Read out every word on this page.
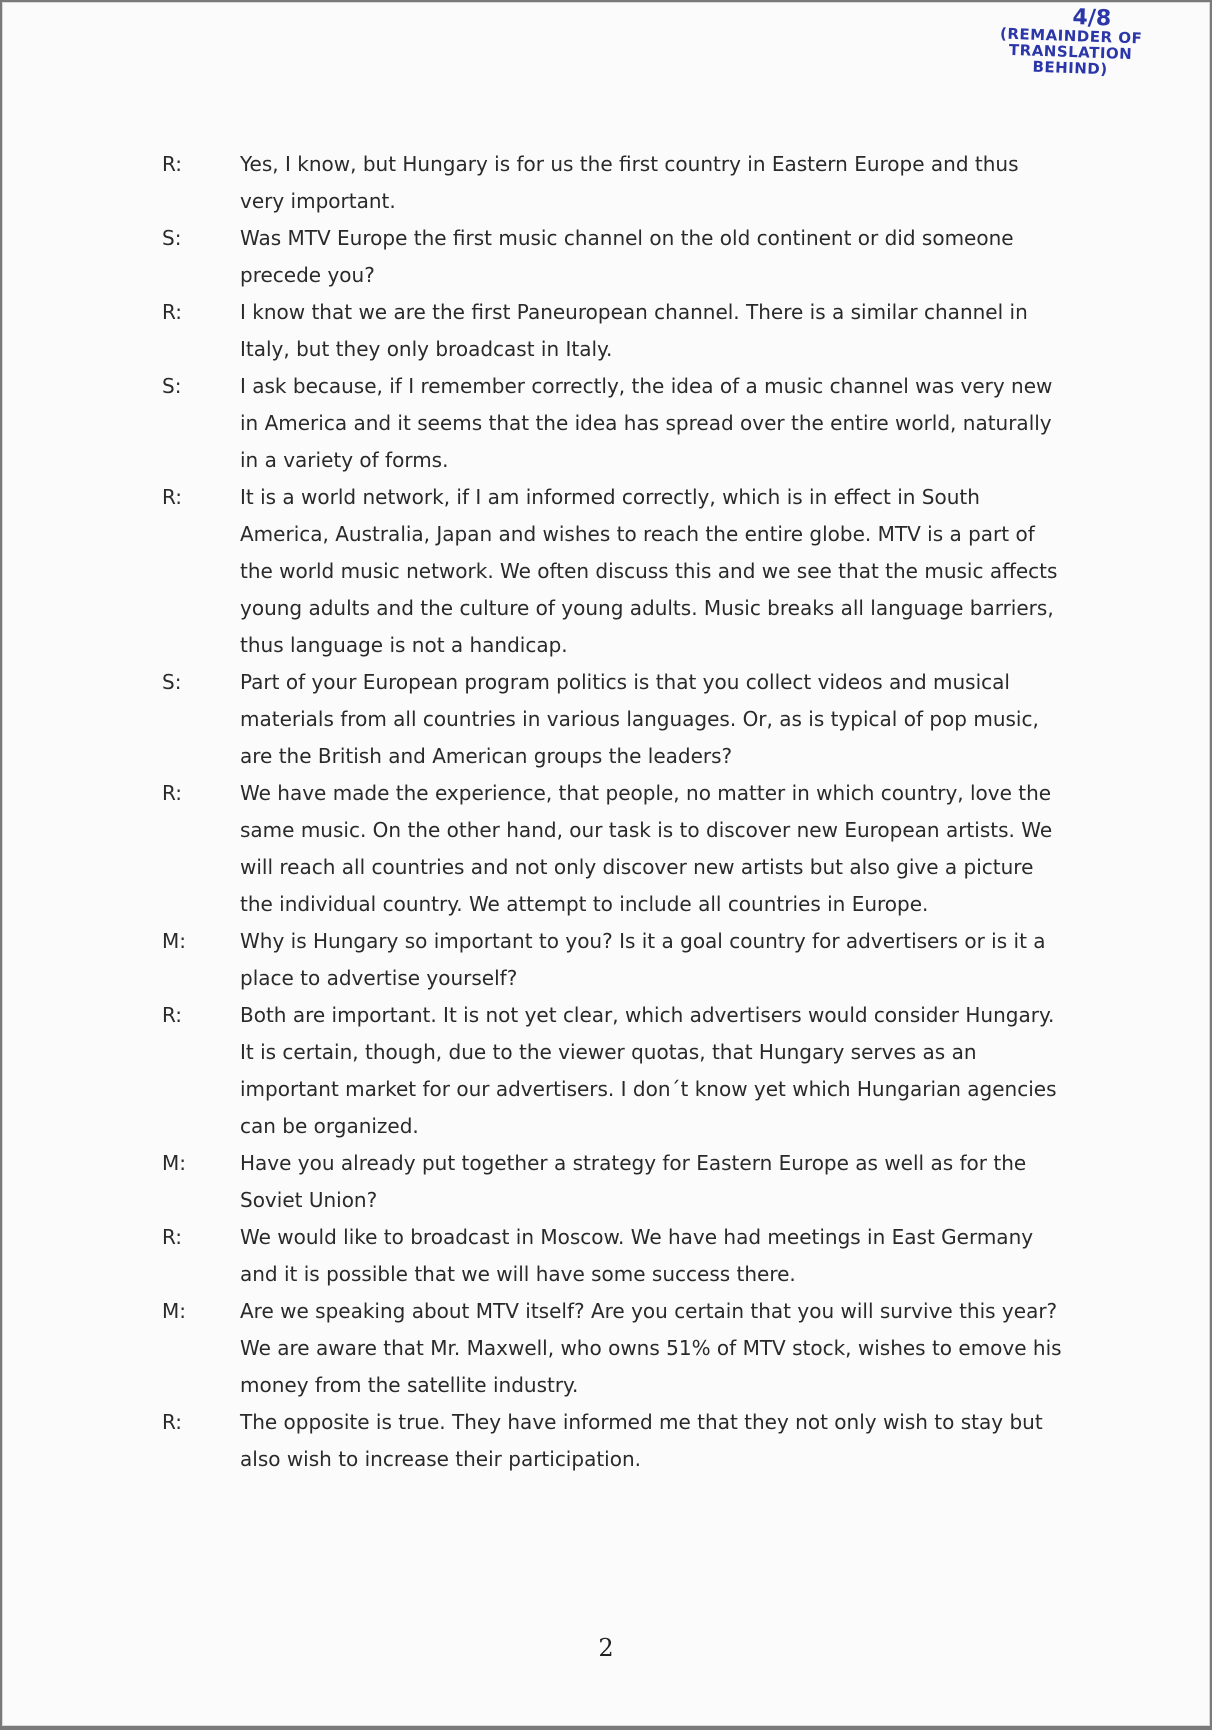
4/8
(REMAINDER OF TRANSLATION
BEHIND)
R:	Yes, I know, but Hungary is for us the first country in Eastern Europe and thus very important.
S:	Was MTV Europe the first music channel on the old continent or did someone precede you?
R:	I know that we are the first Paneuropean channel. There is a similar channel in Italy, but they only broadcast in Italy.
S:	I ask because, if I remember correctly, the idea of a music channel was very new in America and it seems that the idea has spread over the entire world, naturally in a variety of forms.
R:	It is a world network, if I am informed correctly, which is in effect in South America, Australia, Japan and wishes to reach the entire globe. MTV is a part of the world music network. We often discuss this and we see that the music affects young adults and the culture of young adults. Music breaks all language barriers, thus language is not a handicap.
S:	Part of your European program politics is that you collect videos and musical materials from all countries in various languages. Or, as is typical of pop music, are the British and American groups the leaders?
R:	We have made the experience, that people, no matter in which country, love the same music. On the other hand, our task is to discover new European artists. We will reach all countries and not only discover new artists but also give a picture the individual country. We attempt to include all countries in Europe.
M:	Why is Hungary so important to you? Is it a goal country for advertisers or is it a place to advertise yourself?
R:	Both are important. It is not yet clear, which advertisers would consider Hungary. It is certain, though, due to the viewer quotas, that Hungary serves as an important market for our advertisers. I don´t know yet which Hungarian agencies can be organized.
M:	Have you already put together a strategy for Eastern Europe as well as for the Soviet Union?
R:	We would like to broadcast in Moscow. We have had meetings in East Germany and it is possible that we will have some success there.
M:	Are we speaking about MTV itself? Are you certain that you will survive this year? We are aware that Mr. Maxwell, who owns 51% of MTV stock, wishes to emove his money from the satellite industry.
R:	The opposite is true. They have informed me that they not only wish to stay but also wish to increase their participation.
2
